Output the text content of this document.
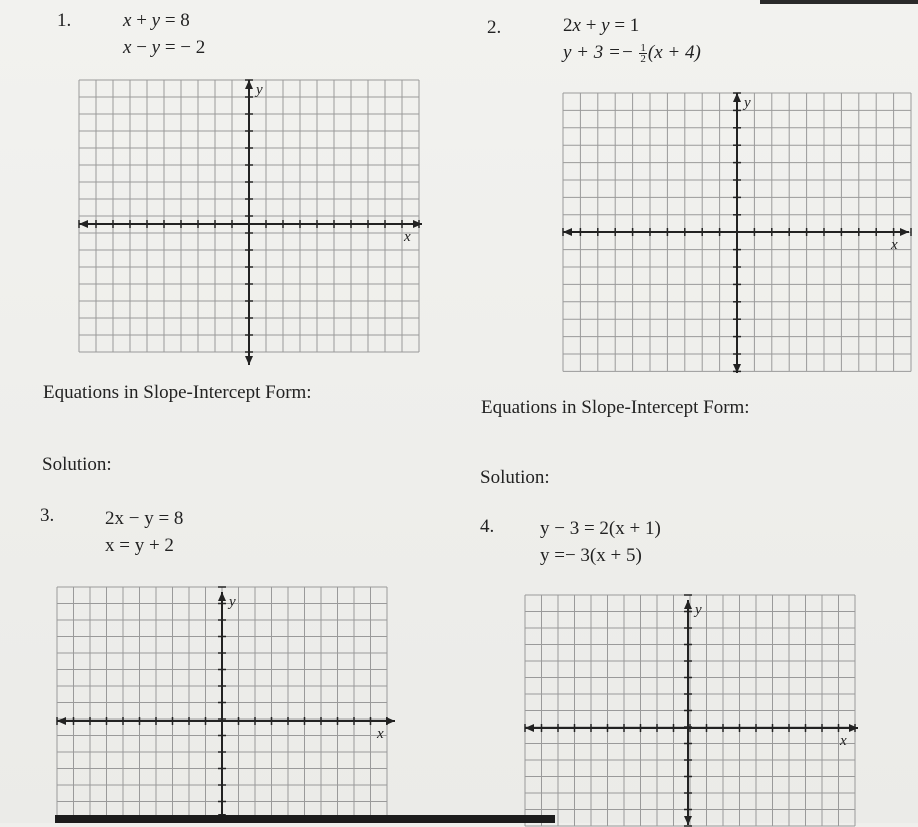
1.	x + y = 8
x − y = − 2
y
x
Equations in Slope-Intercept Form:
Solution:
2.	2x + y = 1
$y + 3 =- \frac{1}{2} (x + 4)$
y
x
Equations in Slope-Intercept Form:
Solution:
3.	2x − y = 8
x = y + 2
y
x
4. y − 3 = 2(x + 1)
y =− 3(x + 5)
y
x
